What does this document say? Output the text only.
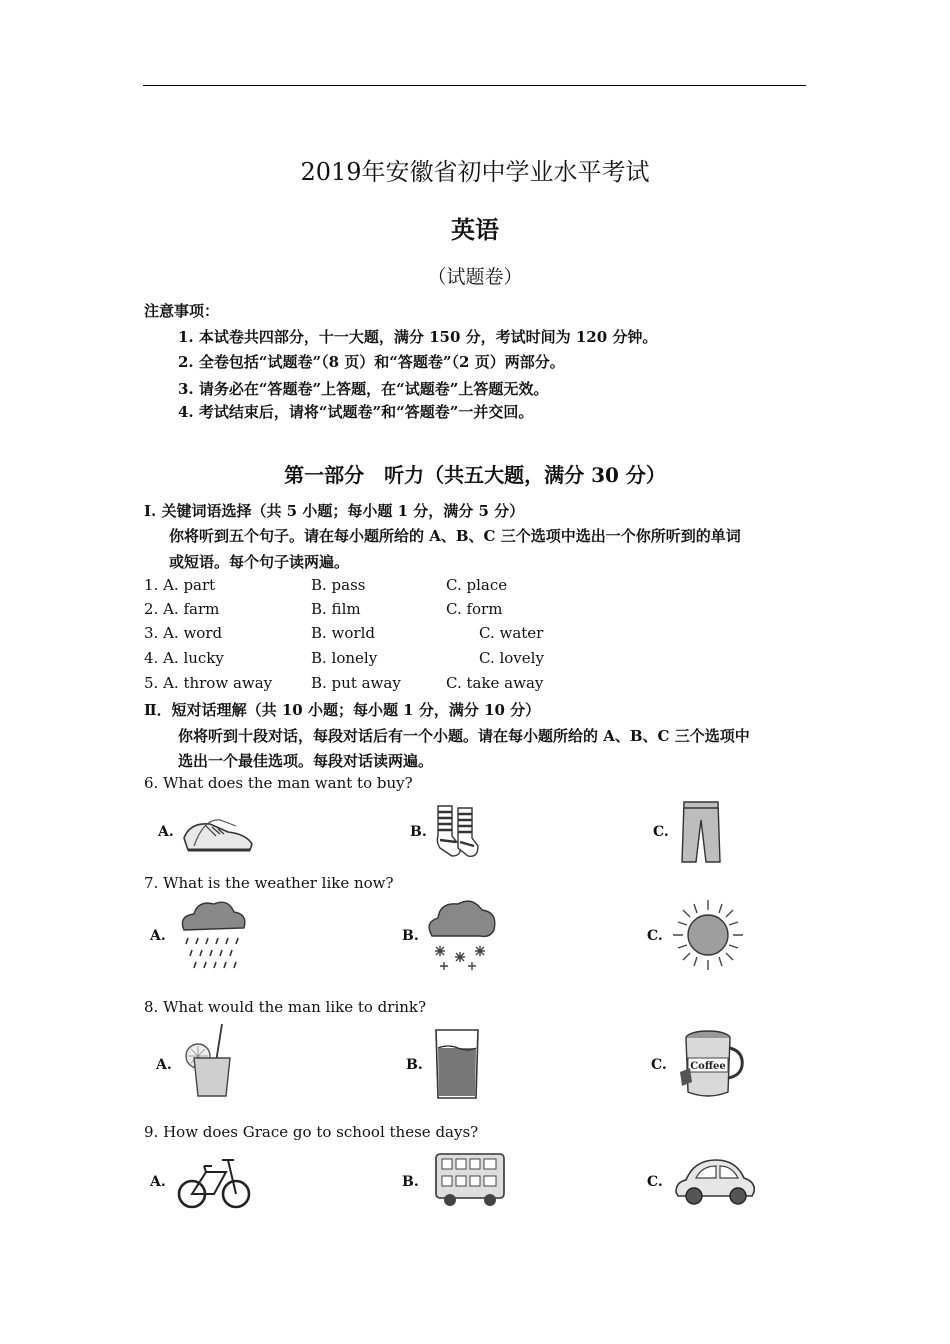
2019年安徽省初中学业水平考试
英语
（试题卷）
注意事项：
1. 本试卷共四部分，十一大题，满分 150 分，考试时间为 120 分钟。
2. 全卷包括“试题卷”（8 页）和“答题卷”（2 页）两部分。
3. 请务必在“答题卷”上答题，在“试题卷”上答题无效。
4. 考试结束后，请将“试题卷”和“答题卷”一并交回。
第一部分　听力（共五大题，满分 30 分）
I. 关键词语选择（共 5 小题；每小题 1 分，满分 5 分）
你将听到五个句子。请在每小题所给的 A、B、C 三个选项中选出一个你所听到的单词
或短语。每个句子读两遍。
1. A. part	B. pass	C. place
2. A. farm	B. film	C. form
3. A. word	B. world	C. water
4. A. lucky	B. lonely	C. lovely
5. A. throw away	B. put away	C. take away
Ⅱ．短对话理解（共 10 小题；每小题 1 分，满分 10 分）
你将听到十段对话，每段对话后有一个小题。请在每小题所给的 A、B、C 三个选项中
选出一个最佳选项。每段对话读两遍。
6. What does the man want to buy?
A.	B.	C.
7. What is the weather like now?
A.	B.	C.
8. What would the man like to drink?
A.	B.	C. Coffee
9. How does Grace go to school these days?
A.	B.	C.
